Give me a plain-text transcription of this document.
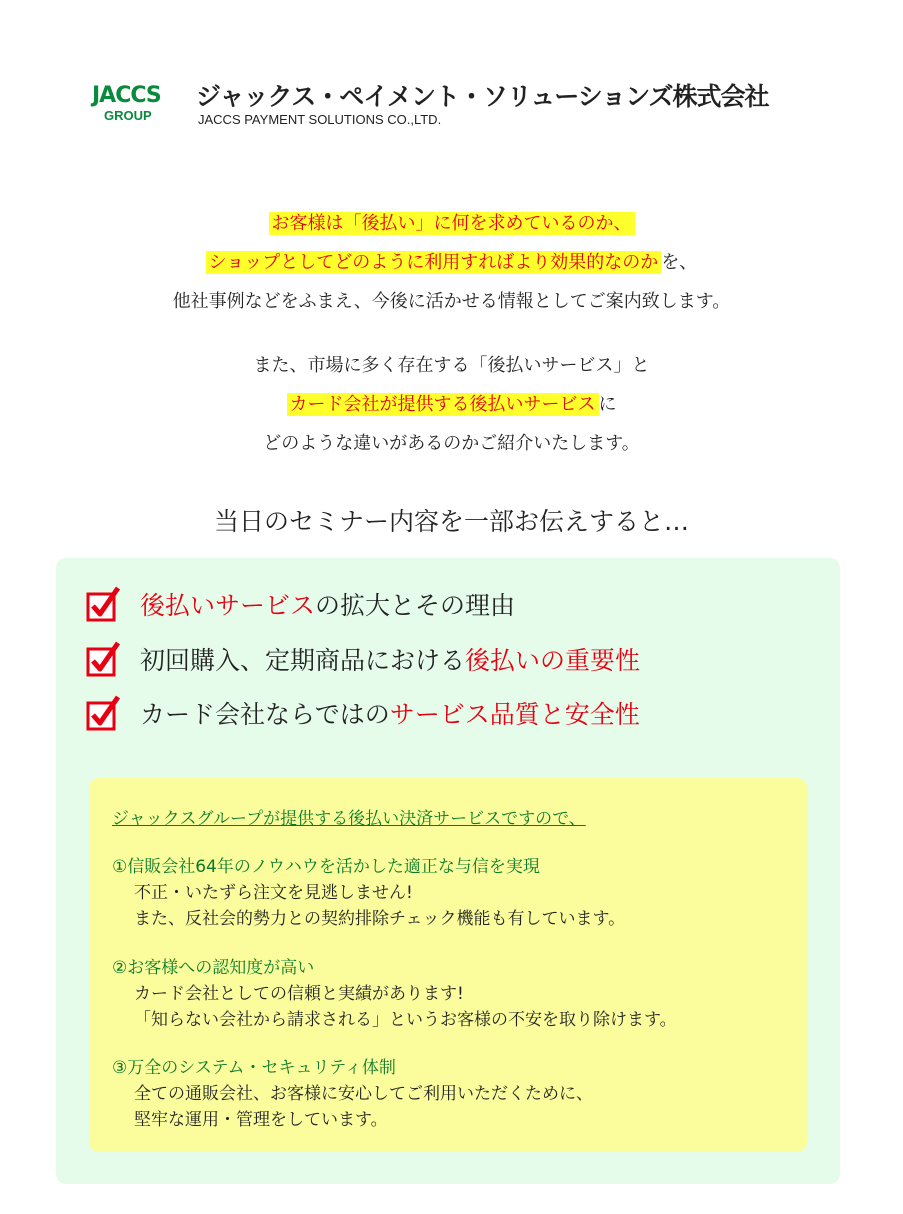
JACCS
GROUP
ジャックス・ペイメント・ソリューションズ株式会社
JACCS PAYMENT SOLUTIONS CO.,LTD.
お客様は「後払い」に何を求めているのか、
ショップとしてどのように利用すればより効果的なのか を、
他社事例などをふまえ、今後に活かせる情報としてご案内致します。
また、市場に多く存在する「後払いサービス」と
カード会社が提供する後払いサービス に
どのような違いがあるのかご紹介いたします。
当日のセミナー内容を一部お伝えすると…
後払いサービス の拡大とその理由
初回購入、定期商品における 後払いの重要性
カード会社ならではの サービス品質と安全性
ジャックスグループが提供する後払い決済サービスですので、
①信販会社64年のノウハウを活かした適正な与信を実現
不正・いたずら注文を見逃しません!
また、反社会的勢力との契約排除チェック機能も有しています。
②お客様への認知度が高い
カード会社としての信頼と実績があります!
「知らない会社から請求される」というお客様の不安を取り除けます。
③万全のシステム・セキュリティ体制
全ての通販会社、お客様に安心してご利用いただくために、
堅牢な運用・管理をしています。
